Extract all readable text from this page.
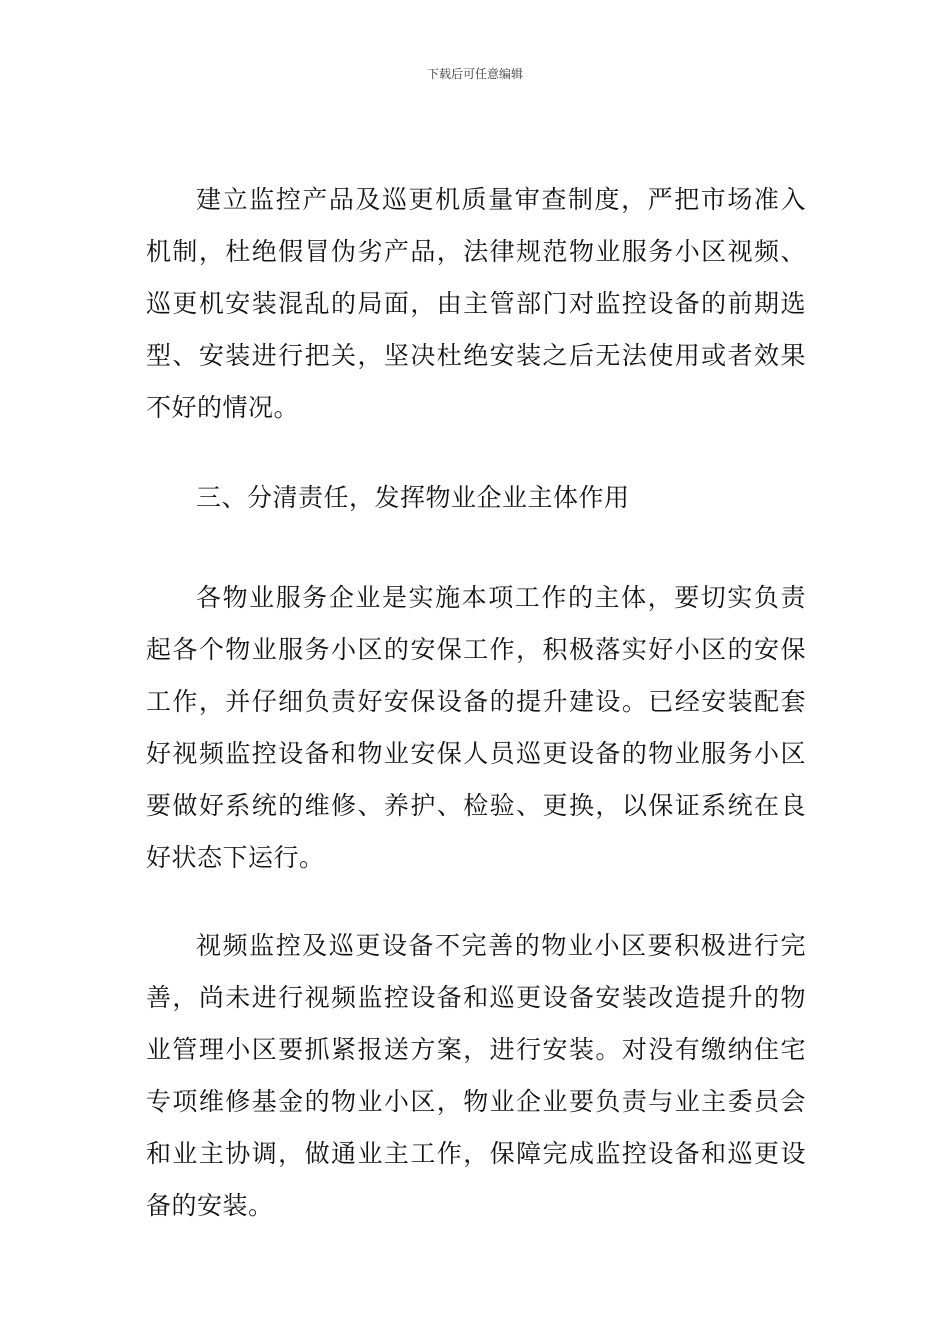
下载后可任意编辑

建立监控产品及巡更机质量审查制度，严把市场准入机制，杜绝假冒伪劣产品，法律规范物业服务小区视频、巡更机安装混乱的局面，由主管部门对监控设备的前期选型、安装进行把关，坚决杜绝安装之后无法使用或者效果不好的情况。

三、分清责任，发挥物业企业主体作用

各物业服务企业是实施本项工作的主体，要切实负责起各个物业服务小区的安保工作，积极落实好小区的安保工作，并仔细负责好安保设备的提升建设。已经安装配套好视频监控设备和物业安保人员巡更设备的物业服务小区要做好系统的维修、养护、检验、更换，以保证系统在良好状态下运行。

视频监控及巡更设备不完善的物业小区要积极进行完善，尚未进行视频监控设备和巡更设备安装改造提升的物业管理小区要抓紧报送方案，进行安装。对没有缴纳住宅专项维修基金的物业小区，物业企业要负责与业主委员会和业主协调，做通业主工作，保障完成监控设备和巡更设备的安装。
